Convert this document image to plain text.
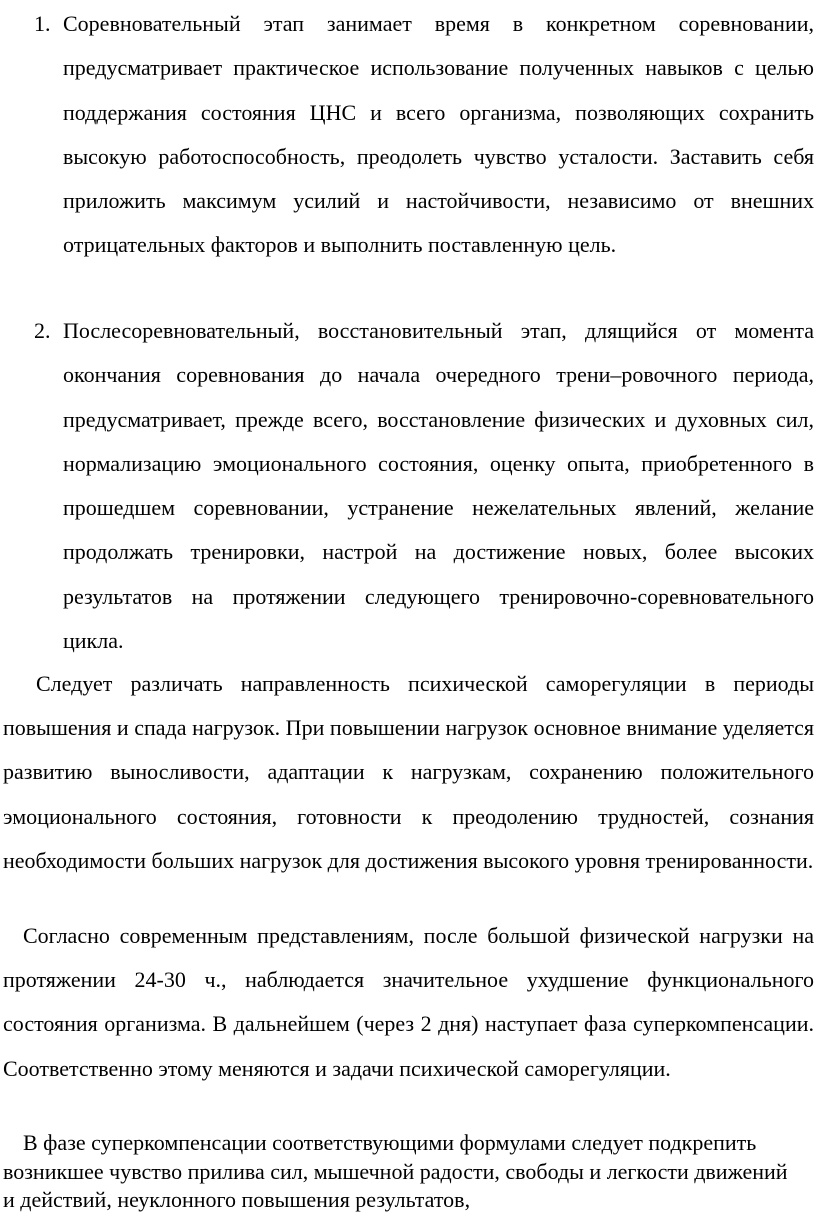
1. Соревновательный этап занимает время в конкретном соревновании, предусматривает практическое использование полученных навыков с целью поддержания состояния ЦНС и всего организма, позволяющих сохранить высокую работоспособность, преодолеть чувство усталости. Заставить себя приложить максимум усилий и настойчивости, независимо от внешних отрицательных факторов и выполнить поставленную цель.
2. Послесоревновательный, восстановительный этап, длящийся от момента окончания соревнования до начала очередного трени–ровочного периода, предусматривает, прежде всего, восстановление физических и духовных сил, нормализацию эмоционального состояния, оценку опыта, приобретенного в прошедшем соревновании, устранение нежелательных явлений, желание продолжать тренировки, настрой на достижение новых, более высоких результатов на протяжении следующего тренировочно-соревновательного цикла.

Следует различать направленность психической саморегуляции в периоды повышения и спада нагрузок. При повышении нагрузок основное внимание уделяется развитию выносливости, адаптации к нагрузкам, сохранению положительного эмоционального состояния, готовности к преодолению трудностей, сознания необходимости больших нагрузок для достижения высокого уровня тренированности.

Согласно современным представлениям, после большой физической нагрузки на протяжении 24-30 ч., наблюдается значительное ухудшение функционального состояния организма. В дальнейшем (через 2 дня) наступает фаза суперкомпенсации. Соответственно этому меняются и задачи психической саморегуляции.

В фазе суперкомпенсации соответствующими формулами следует подкрепить возникшее чувство прилива сил, мышечной радости, свободы и легкости движений и действий, неуклонного повышения результатов,
